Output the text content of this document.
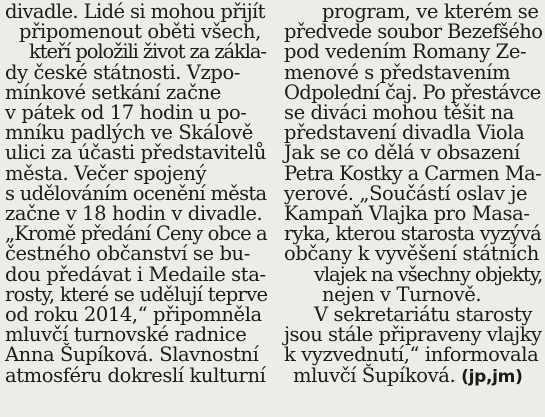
divadle. Lidé si mohou přijít
připomenout oběti všech,
kteří položili život za zákla-
dy české státnosti. Vzpo-
mínkové setkání začne
v pátek od 17 hodin u po-
mníku padlých ve Skálově
ulici za účasti představitelů
města. Večer spojený
s udělováním ocenění města
začne v 18 hodin v divadle.
„Kromě předání Ceny obce a
čestného občanství se bu-
dou předávat i Medaile sta-
rosty, které se udělují teprve
od roku 2014,“ připomněla
mluvčí turnovské radnice
Anna Šupíková. Slavnostní
atmosféru dokreslí kulturní
program, ve kterém se
předvede soubor Bezefšého
pod vedením Romany Ze-
menové s představením
Odpolední čaj. Po přestávce
se diváci mohou těšit na
představení divadla Viola
Jak se co dělá v obsazení
Petra Kostky a Carmen Ma-
yerové. „Součástí oslav je
Kampaň Vlajka pro Masa-
ryka, kterou starosta vyzývá
občany k vyvěšení státních
vlajek na všechny objekty,
nejen v Turnově.
V sekretariátu starosty
jsou stále připraveny vlajky
k vyzvednutí,“ informovala
mluvčí Šupíková. (jp,jm)
